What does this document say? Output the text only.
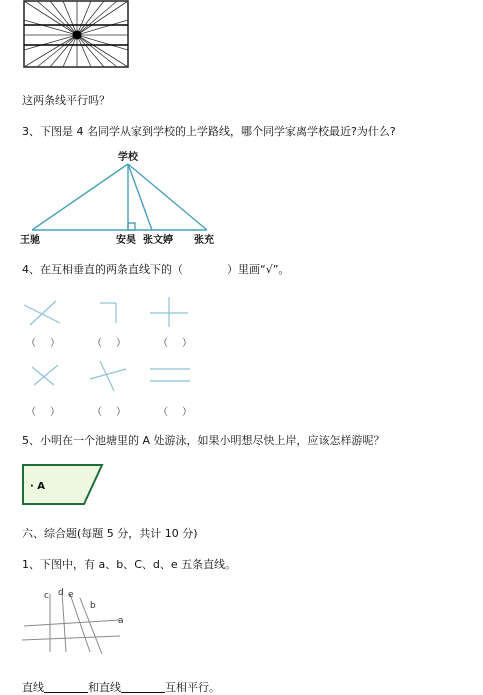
这两条线平行吗？
3、下图是 4 名同学从家到学校的上学路线，哪个同学家离学校最近?为什么?
学校
王驰	安昊 张文婷 张充
4、在互相垂直的两条直线下的（　　　　）里画“√”。
（　）	（　）	（　）
（　）	（　）	（　）
5、小明在一个池塘里的 A 处游泳，如果小明想尽快上岸，应该怎样游呢？
· A
六、综合题(每题 5 分，共计 10 分)
1、下图中，有 a、b、C、d、e 五条直线。
c d e
b
a
直线	和直线	互相平行。
